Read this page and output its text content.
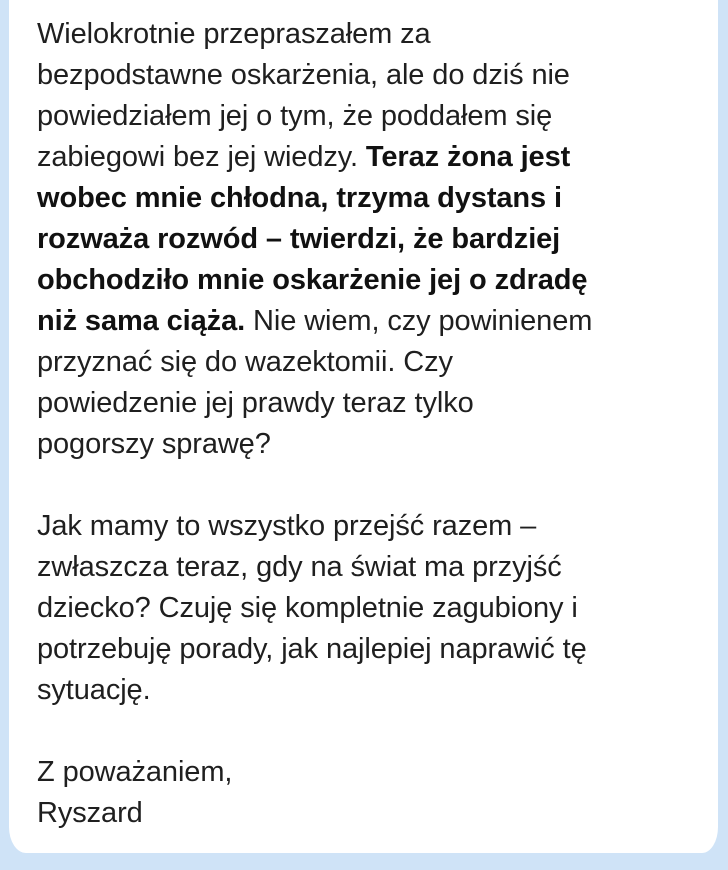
Wielokrotnie przepraszałem za
bezpodstawne oskarżenia, ale do dziś nie
powiedziałem jej o tym, że poddałem się
zabiegowi bez jej wiedzy. Teraz żona jest
wobec mnie chłodna, trzyma dystans i
rozważa rozwód – twierdzi, że bardziej
obchodziło mnie oskarżenie jej o zdradę
niż sama ciąża. Nie wiem, czy powinienem
przyznać się do wazektomii. Czy
powiedzenie jej prawdy teraz tylko
pogorszy sprawę?

Jak mamy to wszystko przejść razem –
zwłaszcza teraz, gdy na świat ma przyjść
dziecko? Czuję się kompletnie zagubiony i
potrzebuję porady, jak najlepiej naprawić tę
sytuację.

Z poważaniem,

Ryszard
